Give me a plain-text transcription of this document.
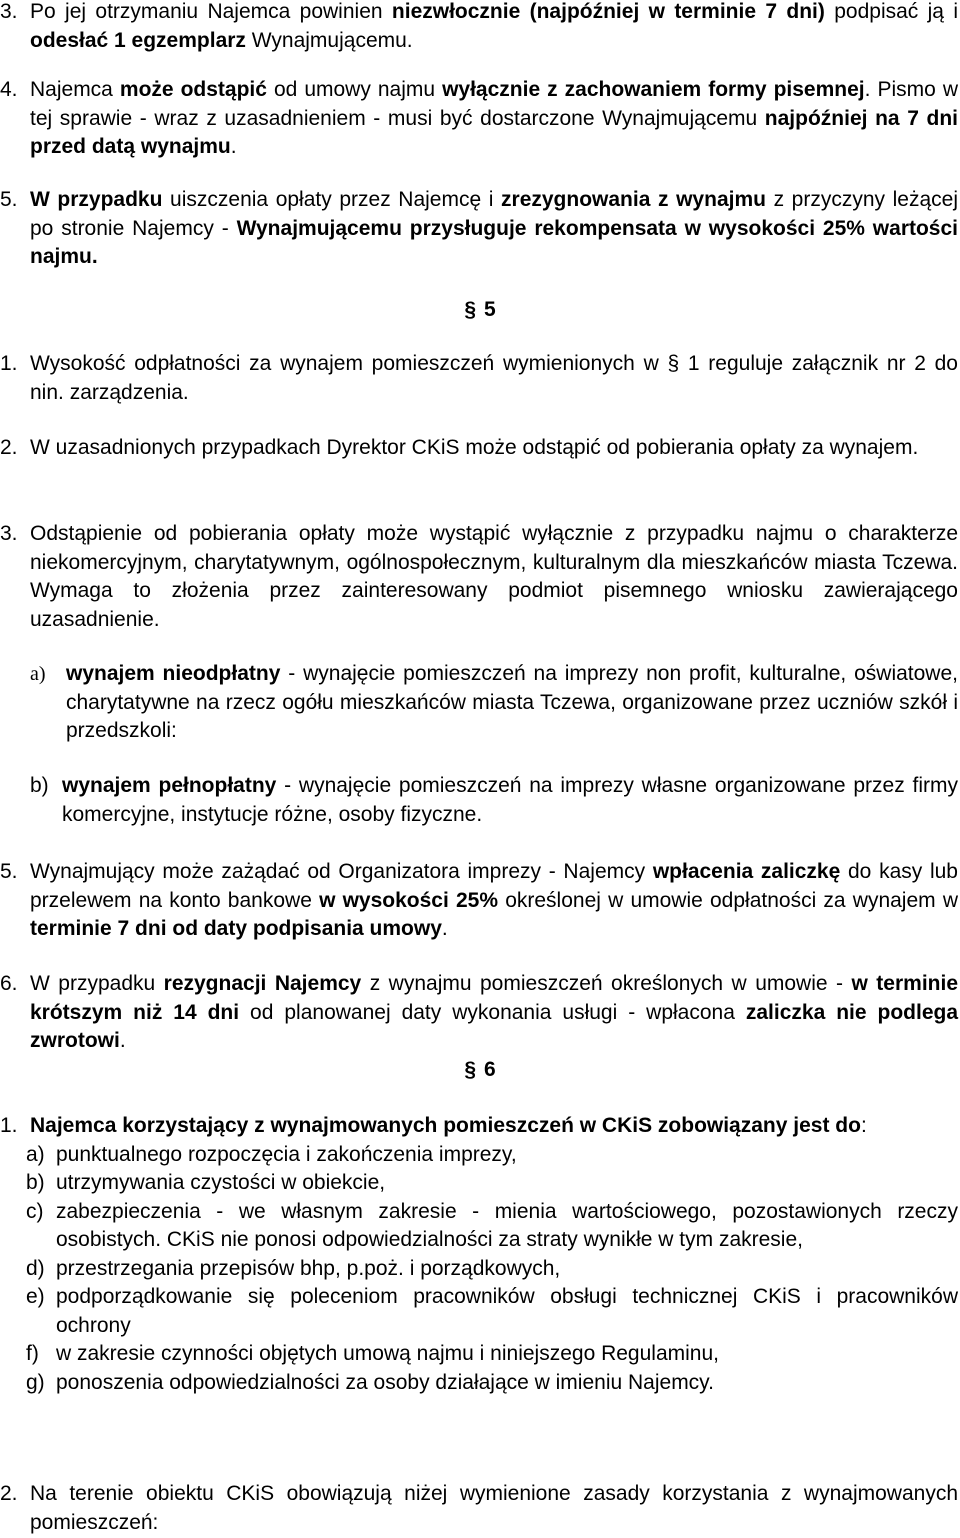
3. Po jej otrzymaniu Najemca powinien niezwłocznie (najpóźniej w terminie 7 dni) podpisać ją i odesłać 1 egzemplarz Wynajmującemu.
4. Najemca może odstąpić od umowy najmu wyłącznie z zachowaniem formy pisemnej. Pismo w tej sprawie - wraz z uzasadnieniem - musi być dostarczone Wynajmującemu najpóźniej na 7 dni przed datą wynajmu.
5. W przypadku uiszczenia opłaty przez Najemcę i zrezygnowania z wynajmu z przyczyny leżącej po stronie Najemcy - Wynajmującemu przysługuje rekompensata w wysokości 25% wartości najmu.
§ 5
1. Wysokość odpłatności za wynajem pomieszczeń wymienionych w § 1 reguluje załącznik nr 2 do nin. zarządzenia.
2. W uzasadnionych przypadkach Dyrektor CKiS może odstąpić od pobierania opłaty za wynajem.
3. Odstąpienie od pobierania opłaty może wystąpić wyłącznie z przypadku najmu o charakterze niekomercyjnym, charytatywnym, ogólnospołecznym, kulturalnym dla mieszkańców miasta Tczewa. Wymaga to złożenia przez zainteresowany podmiot pisemnego wniosku zawierającego uzasadnienie.
a) wynajem nieodpłatny - wynajęcie pomieszczeń na imprezy non profit, kulturalne, oświatowe, charytatywne na rzecz ogółu mieszkańców miasta Tczewa, organizowane przez uczniów szkół i przedszkoli:
b) wynajem pełnopłatny - wynajęcie pomieszczeń na imprezy własne organizowane przez firmy komercyjne, instytucje różne, osoby fizyczne.
5. Wynajmujący może zażądać od Organizatora imprezy - Najemcy wpłacenia zaliczkę do kasy lub przelewem na konto bankowe w wysokości 25% określonej w umowie odpłatności za wynajem w terminie 7 dni od daty podpisania umowy.
6. W przypadku rezygnacji Najemcy z wynajmu pomieszczeń określonych w umowie - w terminie krótszym niż 14 dni od planowanej daty wykonania usługi - wpłacona zaliczka nie podlega zwrotowi.
§ 6
1. Najemca korzystający z wynajmowanych pomieszczeń w CKiS zobowiązany jest do:
a) punktualnego rozpoczęcia i zakończenia imprezy,
b) utrzymywania czystości w obiekcie,
c) zabezpieczenia - we własnym zakresie - mienia wartościowego, pozostawionych rzeczy osobistych. CKiS nie ponosi odpowiedzialności za straty wynikłe w tym zakresie,
d) przestrzegania przepisów bhp, p.poż. i porządkowych,
e) podporządkowanie się poleceniom pracowników obsługi technicznej CKiS i pracowników ochrony
f) w zakresie czynności objętych umową najmu i niniejszego Regulaminu,
g) ponoszenia odpowiedzialności za osoby działające w imieniu Najemcy.
2. Na terenie obiektu CKiS obowiązują niżej wymienione zasady korzystania z wynajmowanych pomieszczeń:
